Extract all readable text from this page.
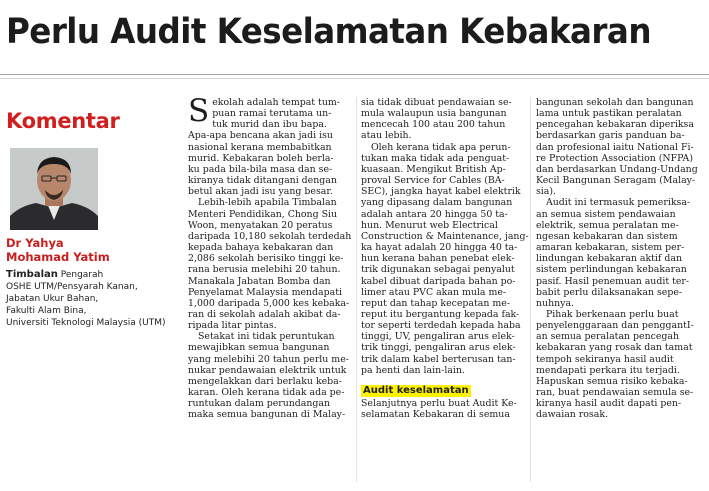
Perlu Audit Keselamatan Kebakaran
Komentar
Dr Yahya
Mohamad Yatim
Timbalan Pengarah
OSHE UTM/Pensyarah Kanan,
Jabatan Ukur Bahan,
Fakulti Alam Bina,
Universiti Teknologi Malaysia (UTM)
S ekolah adalah tempat tum-
puan ramai terutama un-
tuk murid dan ibu bapa.
Apa-apa bencana akan jadi isu
nasional kerana membabitkan
murid. Kebakaran boleh berla-
ku pada bila-bila masa dan se-
kiranya tidak ditangani dengan
betul akan jadi isu yang besar.
Lebih-lebih apabila Timbalan
Menteri Pendidikan, Chong Siu
Woon, menyatakan 20 peratus
daripada 10,180 sekolah terdedah
kepada bahaya kebakaran dan
2,086 sekolah berisiko tinggi ke-
rana berusia melebihi 20 tahun.
Manakala Jabatan Bomba dan
Penyelamat Malaysia mendapati
1,000 daripada 5,000 kes kebaka-
ran di sekolah adalah akibat da-
ripada litar pintas.
Setakat ini tidak peruntukan
mewajibkan semua bangunan
yang melebihi 20 tahun perlu me-
nukar pendawaian elektrik untuk
mengelakkan dari berlaku keba-
karan. Oleh kerana tidak ada pe-
runtukan dalam perundangan
maka semua bangunan di Malay-
sia tidak dibuat pendawaian se-
mula walaupun usia bangunan
mencecah 100 atau 200 tahun
atau lebih.
Oleh kerana tidak apa perun-
tukan maka tidak ada penguat-
kuasaan. Mengikut British Ap-
proval Service for Cables (BA-
SEC), jangka hayat kabel elektrik
yang dipasang dalam bangunan
adalah antara 20 hingga 50 ta-
hun. Menurut web Electrical
Construction & Maintenance, jang-
ka hayat adalah 20 hingga 40 ta-
hun kerana bahan penebat elek-
trik digunakan sebagai penyalut
kabel dibuat daripada bahan po-
limer atau PVC akan mula me-
reput dan tahap kecepatan me-
reput itu bergantung kepada fak-
tor seperti terdedah kepada haba
tinggi, UV, pengaliran arus elek-
trik tinggi, pengaliran arus elek-
trik dalam kabel berterusan tan-
pa henti dan lain-lain.
Audit keselamatan
Selanjutnya perlu buat Audit Ke-
selamatan Kebakaran di semua
bangunan sekolah dan bangunan
lama untuk pastikan peralatan
pencegahan kebakaran diperiksa
berdasarkan garis panduan ba-
dan profesional iaitu National Fi-
re Protection Association (NFPA)
dan berdasarkan Undang-Undang
Kecil Bangunan Seragam (Malay-
sia).
Audit ini termasuk pemeriksa-
an semua sistem pendawaian
elektrik, semua peralatan me-
ngesan kebakaran dan sistem
amaran kebakaran, sistem per-
lindungan kebakaran aktif dan
sistem perlindungan kebakaran
pasif. Hasil penemuan audit ter-
babit perlu dilaksanakan sepe-
nuhnya.
Pihak berkenaan perlu buat
penyelenggaraan dan penggantI-
an semua peralatan pencegah
kebakaran yang rosak dan tamat
tempoh sekiranya hasil audit
mendapati perkara itu terjadi.
Hapuskan semua risiko kebaka-
ran, buat pendawaian semula se-
kiranya hasil audit dapati pen-
dawaian rosak.
